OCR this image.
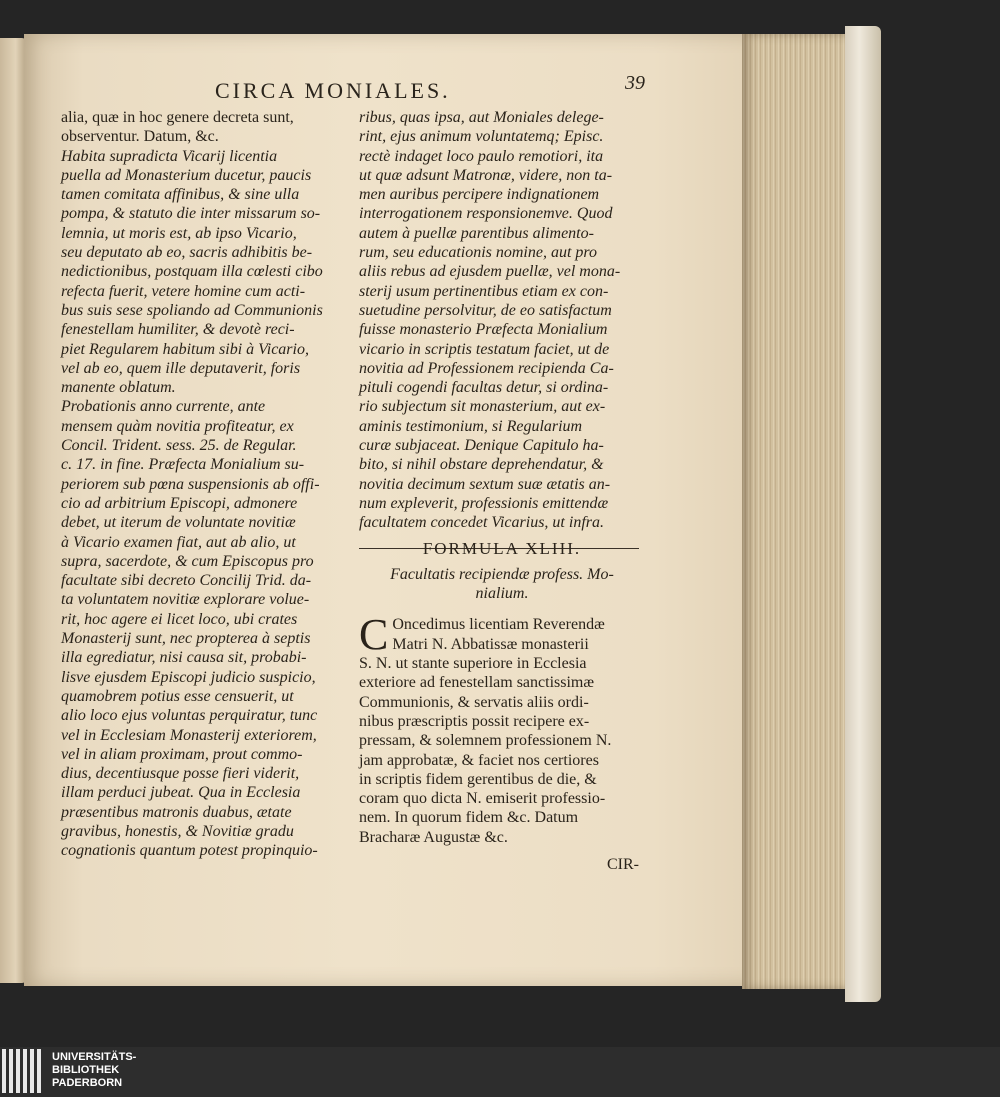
CIRCA MONIALES.	39
alia, quæ in hoc genere decreta sunt,
observentur. Datum, &c.
Habita supradicta Vicarij licentia
puella ad Monasterium ducetur, paucis
tamen comitata affinibus, & sine ulla
pompa, & statuto die inter missarum so-
lemnia, ut moris est, ab ipso Vicario,
seu deputato ab eo, sacris adhibitis be-
nedictionibus, postquam illa cœlesti cibo
refecta fuerit, vetere homine cum acti-
bus suis sese spoliando ad Communionis
fenestellam humiliter, & devotè reci-
piet Regularem habitum sibi à Vicario,
vel ab eo, quem ille deputaverit, foris
manente oblatum.
Probationis anno currente, ante
mensem quàm novitia profiteatur, ex
Concil. Trident. sess. 25. de Regular.
c. 17. in fine. Præfecta Monialium su-
periorem sub pœna suspensionis ab offi-
cio ad arbitrium Episcopi, admonere
debet, ut iterum de voluntate novitiæ
à Vicario examen fiat, aut ab alio, ut
supra, sacerdote, & cum Episcopus pro
facultate sibi decreto Concilij Trid. da-
ta voluntatem novitiæ explorare volue-
rit, hoc agere ei licet loco, ubi crates
Monasterij sunt, nec propterea à septis
illa egrediatur, nisi causa sit, probabi-
lisve ejusdem Episcopi judicio suspicio,
quamobrem potius esse censuerit, ut
alio loco ejus voluntas perquiratur, tunc
vel in Ecclesiam Monasterij exteriorem,
vel in aliam proximam, prout commo-
dius, decentiusque posse fieri viderit,
illam perduci jubeat. Qua in Ecclesia
præsentibus matronis duabus, ætate
gravibus, honestis, & Novitiæ gradu
cognationis quantum potest propinquio-
ribus, quas ipsa, aut Moniales delege-
rint, ejus animum voluntatemq; Episc.
rectè indaget loco paulo remotiori, ita
ut quæ adsunt Matronæ, videre, non ta-
men auribus percipere indignationem
interrogationem responsionemve. Quod
autem à puellæ parentibus alimento-
rum, seu educationis nomine, aut pro
aliis rebus ad ejusdem puellæ, vel mona-
sterij usum pertinentibus etiam ex con-
suetudine persolvitur, de eo satisfactum
fuisse monasterio Præfecta Monialium
vicario in scriptis testatum faciet, ut de
novitia ad Professionem recipienda Ca-
pituli cogendi facultas detur, si ordina-
rio subjectum sit monasterium, aut ex-
aminis testimonium, si Regularium
curæ subjaceat. Denique Capitulo ha-
bito, si nihil obstare deprehendatur, &
novitia decimum sextum suæ ætatis an-
num expleverit, professionis emittendæ
facultatem concedet Vicarius, ut infra.
FORMULA XLIII.
Facultatis recipiendæ profess. Mo-
nialium.
C Oncedimus licentiam Reverendæ
Matri N. Abbatissæ monasterii
S. N. ut stante superiore in Ecclesia
exteriore ad fenestellam sanctissimæ
Communionis, & servatis aliis ordi-
nibus præscriptis possit recipere ex-
pressam, & solemnem professionem N.
jam approbatæ, & faciet nos certiores
in scriptis fidem gerentibus de die, &
coram quo dicta N. emiserit professio-
nem. In quorum fidem &c. Datum
Bracharæ Augustæ &c.
CIR-
UNIVERSITÄTS-
BIBLIOTHEK
PADERBORN
